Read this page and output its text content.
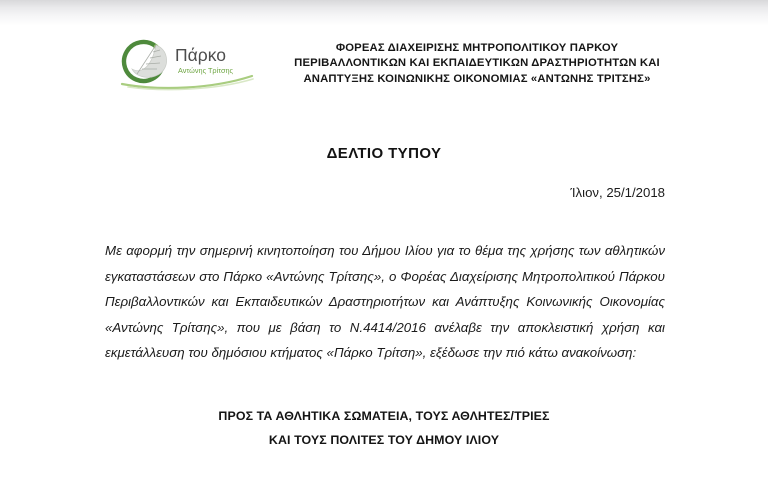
Πάρκο
Αντώνης Τρίτσης
ΦΟΡΕΑΣ ΔΙΑΧΕΙΡΙΣΗΣ ΜΗΤΡΟΠΟΛΙΤΙΚΟΥ ΠΑΡΚΟΥ
ΠΕΡΙΒΑΛΛΟΝΤΙΚΩΝ ΚΑΙ ΕΚΠΑΙΔΕΥΤΙΚΩΝ ΔΡΑΣΤΗΡΙΟΤΗΤΩΝ ΚΑΙ
ΑΝΑΠΤΥΞΗΣ ΚΟΙΝΩΝΙΚΗΣ ΟΙΚΟΝΟΜΙΑΣ «ΑΝΤΩΝΗΣ ΤΡΙΤΣΗΣ»
ΔΕΛΤΙΟ ΤΥΠΟΥ
Ίλιον, 25/1/2018
Με αφορμή την σημερινή κινητοποίηση του Δήμου Ιλίου για το θέμα της χρήσης των αθλητικών εγκαταστάσεων στο Πάρκο «Αντώνης Τρίτσης», ο Φορέας Διαχείρισης Μητροπολιτικού Πάρκου Περιβαλλοντικών και Εκπαιδευτικών Δραστηριοτήτων και Ανάπτυξης Κοινωνικής Οικονομίας «Αντώνης Τρίτσης», που με βάση το Ν.4414/2016 ανέλαβε την αποκλειστική χρήση και εκμετάλλευση του δημόσιου κτήματος «Πάρκο Τρίτση», εξέδωσε την πιό κάτω ανακοίνωση:
ΠΡΟΣ ΤΑ ΑΘΛΗΤΙΚΑ ΣΩΜΑΤΕΙΑ, ΤΟΥΣ ΑΘΛΗΤΕΣ/ΤΡΙΕΣ
ΚΑΙ ΤΟΥΣ ΠΟΛΙΤΕΣ ΤΟΥ ΔΗΜΟΥ ΙΛΙΟΥ
